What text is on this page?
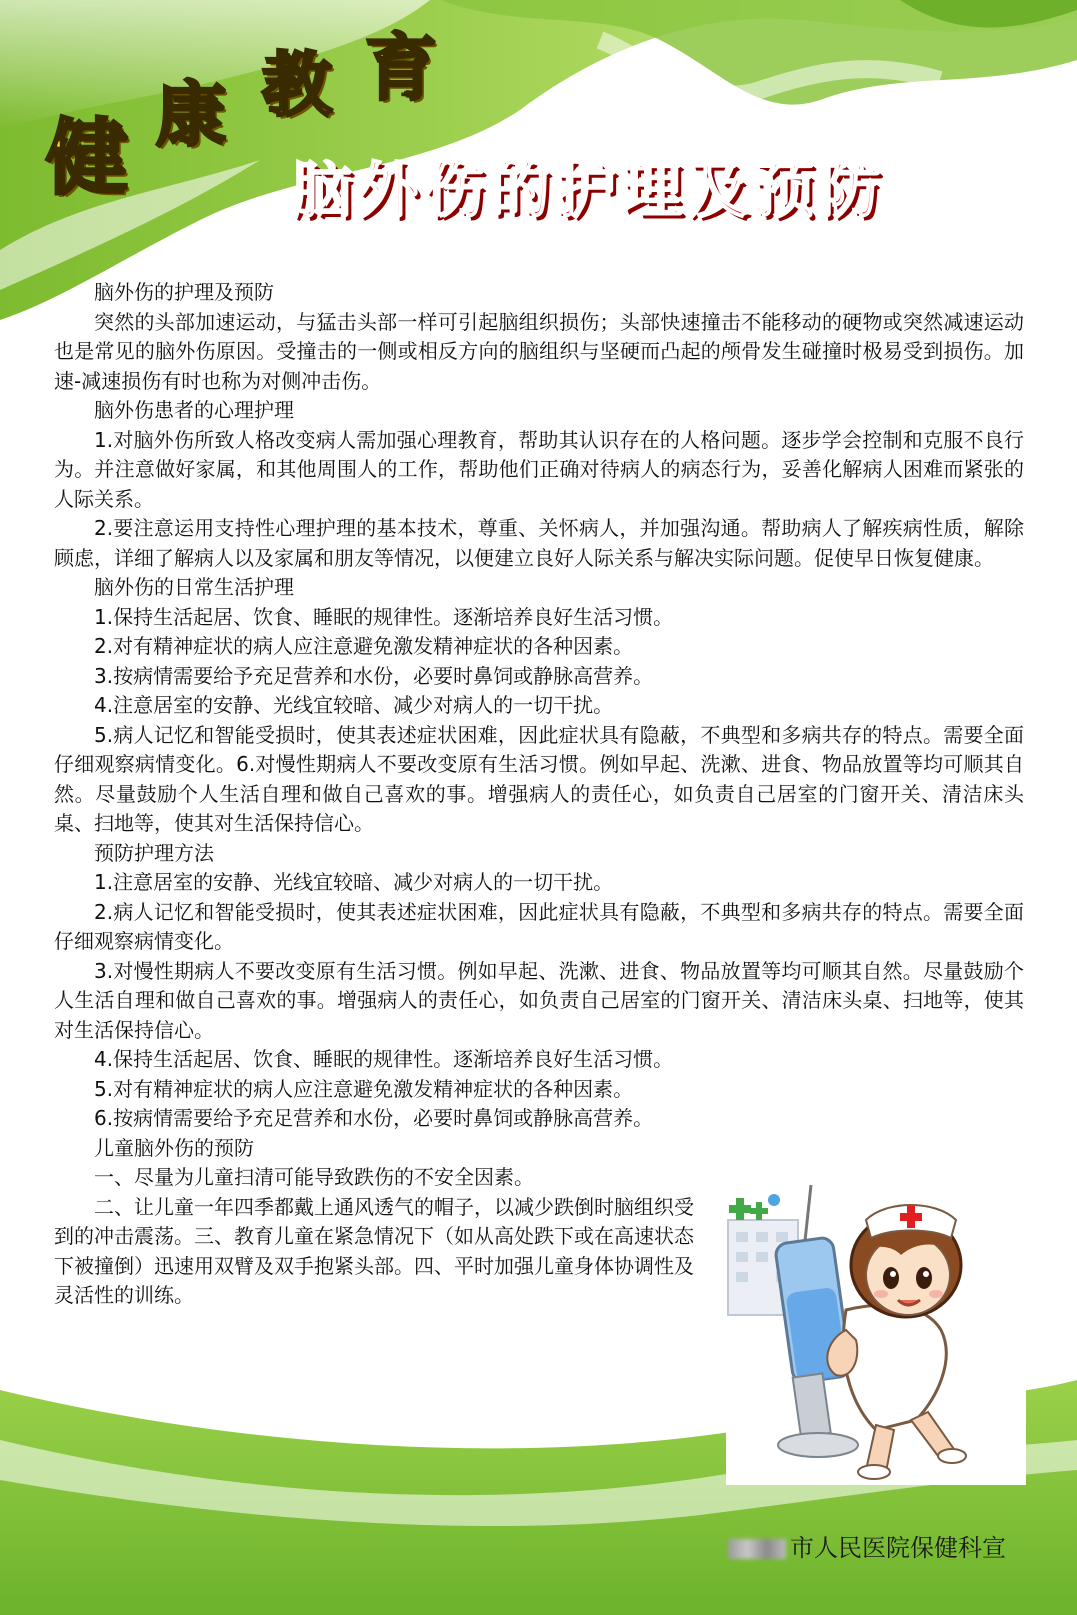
健 康 教 育
脑外伤的护理及预防

脑外伤的护理及预防

突然的头部加速运动，与猛击头部一样可引起脑组织损伤；头部快速撞击不能移动的硬物或突然减速运动也是常见的脑外伤原因。受撞击的一侧或相反方向的脑组织与坚硬而凸起的颅骨发生碰撞时极易受到损伤。加速-减速损伤有时也称为对侧冲击伤。

脑外伤患者的心理护理

1.对脑外伤所致人格改变病人需加强心理教育，帮助其认识存在的人格问题。逐步学会控制和克服不良行为。并注意做好家属，和其他周围人的工作，帮助他们正确对待病人的病态行为，妥善化解病人困难而紧张的人际关系。

2.要注意运用支持性心理护理的基本技术，尊重、关怀病人，并加强沟通。帮助病人了解疾病性质，解除顾虑，详细了解病人以及家属和朋友等情况，以便建立良好人际关系与解决实际问题。促使早日恢复健康。

脑外伤的日常生活护理

1.保持生活起居、饮食、睡眠的规律性。逐渐培养良好生活习惯。

2.对有精神症状的病人应注意避免激发精神症状的各种因素。

3.按病情需要给予充足营养和水份，必要时鼻饲或静脉高营养。

4.注意居室的安静、光线宜较暗、减少对病人的一切干扰。

5.病人记忆和智能受损时，使其表述症状困难，因此症状具有隐蔽，不典型和多病共存的特点。需要全面仔细观察病情变化。6.对慢性期病人不要改变原有生活习惯。例如早起、洗漱、进食、物品放置等均可顺其自然。尽量鼓励个人生活自理和做自己喜欢的事。增强病人的责任心，如负责自己居室的门窗开关、清洁床头桌、扫地等，使其对生活保持信心。

预防护理方法

1.注意居室的安静、光线宜较暗、减少对病人的一切干扰。

2.病人记忆和智能受损时，使其表述症状困难，因此症状具有隐蔽，不典型和多病共存的特点。需要全面仔细观察病情变化。

3.对慢性期病人不要改变原有生活习惯。例如早起、洗漱、进食、物品放置等均可顺其自然。尽量鼓励个人生活自理和做自己喜欢的事。增强病人的责任心，如负责自己居室的门窗开关、清洁床头桌、扫地等，使其对生活保持信心。

4.保持生活起居、饮食、睡眠的规律性。逐渐培养良好生活习惯。

5.对有精神症状的病人应注意避免激发精神症状的各种因素。

6.按病情需要给予充足营养和水份，必要时鼻饲或静脉高营养。

儿童脑外伤的预防

一、尽量为儿童扫清可能导致跌伤的不安全因素。

二、让儿童一年四季都戴上通风透气的帽子，以减少跌倒时脑组织受到的冲击震荡。三、教育儿童在紧急情况下（如从高处跌下或在高速状态下被撞倒）迅速用双臂及双手抱紧头部。四、平时加强儿童身体协调性及灵活性的训练。

市人民医院保健科宣
